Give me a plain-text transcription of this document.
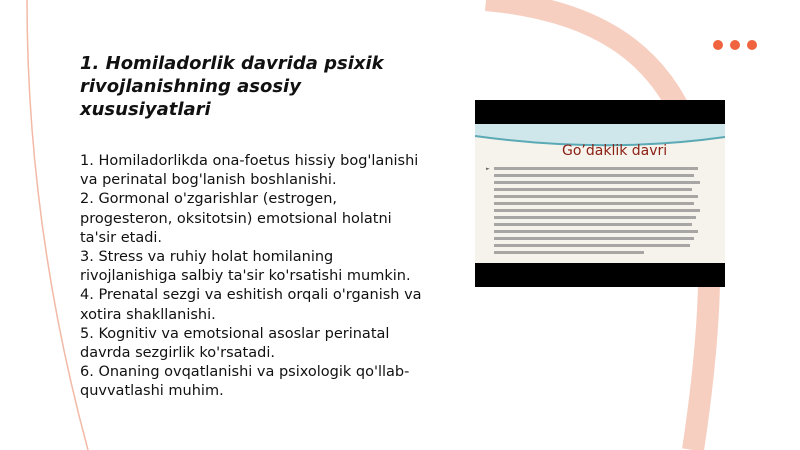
1. Homiladorlik davrida psixik rivojlanishning asosiy xususiyatlari

1. Homiladorlikda ona-foetus hissiy bog'lanishi va perinatal bog'lanish boshlanishi.

2. Gormonal o'zgarishlar (estrogen, progesteron, oksitotsin) emotsional holatni ta'sir etadi.

3. Stress va ruhiy holat homilaning rivojlanishiga salbiy ta'sir ko'rsatishi mumkin.

4. Prenatal sezgi va eshitish orqali o'rganish va xotira shakllanishi.

5. Kognitiv va emotsional asoslar perinatal davrda sezgirlik ko'rsatadi.

6. Onaning ovqatlanishi va psixologik qo'llab-quvvatlashi muhim.

Go’daklik davri
►
